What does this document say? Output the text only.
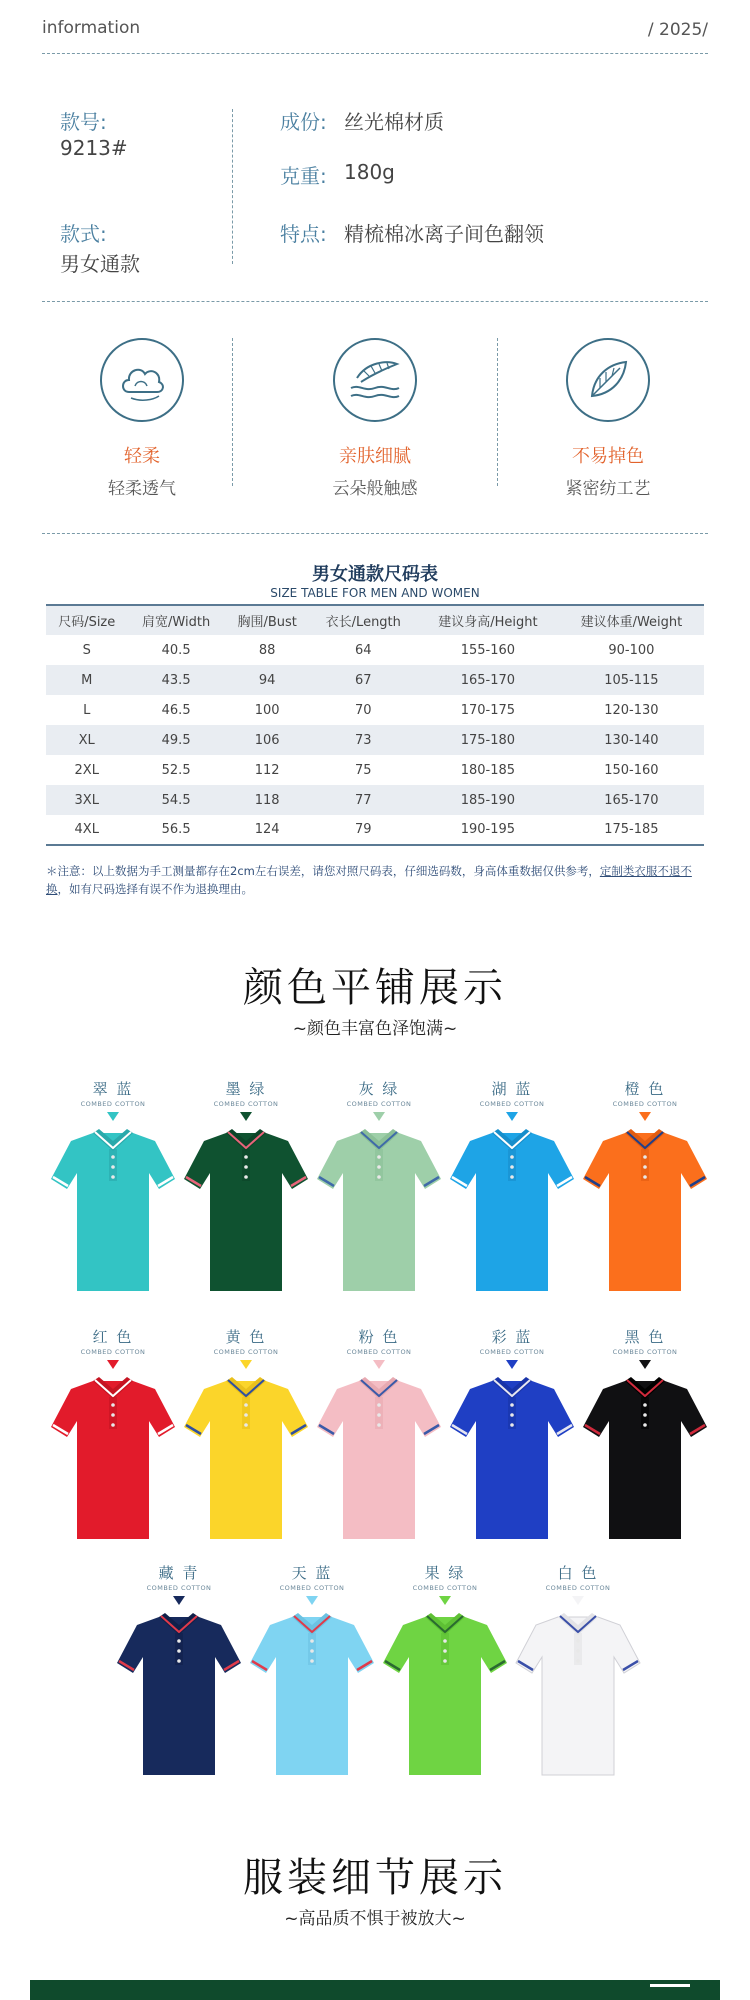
information	/ 2025/
款号:
9213#
款式:
男女通款
成份: 丝光棉材质
克重: 180g
特点: 精梳棉冰离子间色翻领
轻柔
轻柔透气
亲肤细腻
云朵般触感
不易掉色
紧密纺工艺
男女通款尺码表
SIZE TABLE FOR MEN AND WOMEN
尺码/Size	肩宽/Width	胸围/Bust	衣长/Length	建议身高/Height	建议体重/Weight
S	40.5	88	64	155-160	90-100
M	43.5	94	67	165-170	105-115
L	46.5	100	70	170-175	120-130
XL	49.5	106	73	175-180	130-140
2XL	52.5	112	75	180-185	150-160
3XL	54.5	118	77	185-190	165-170
4XL	56.5	124	79	190-195	175-185
＊注意：以上数据为手工测量都存在2cm左右误差，请您对照尺码表，仔细选码数，身高体重数据仅供参考，定制类衣服不退不换，如有尺码选择有误不作为退换理由。
颜色平铺展示
~颜色丰富色泽饱满~
翠 蓝
COMBED COTTON
墨 绿
COMBED COTTON
灰 绿
COMBED COTTON
湖 蓝
COMBED COTTON
橙 色
COMBED COTTON
红 色
COMBED COTTON
黄 色
COMBED COTTON
粉 色
COMBED COTTON
彩 蓝
COMBED COTTON
黑 色
COMBED COTTON
藏 青
COMBED COTTON
天 蓝
COMBED COTTON
果 绿
COMBED COTTON
白 色
COMBED COTTON
服装细节展示
~高品质不惧于被放大~
